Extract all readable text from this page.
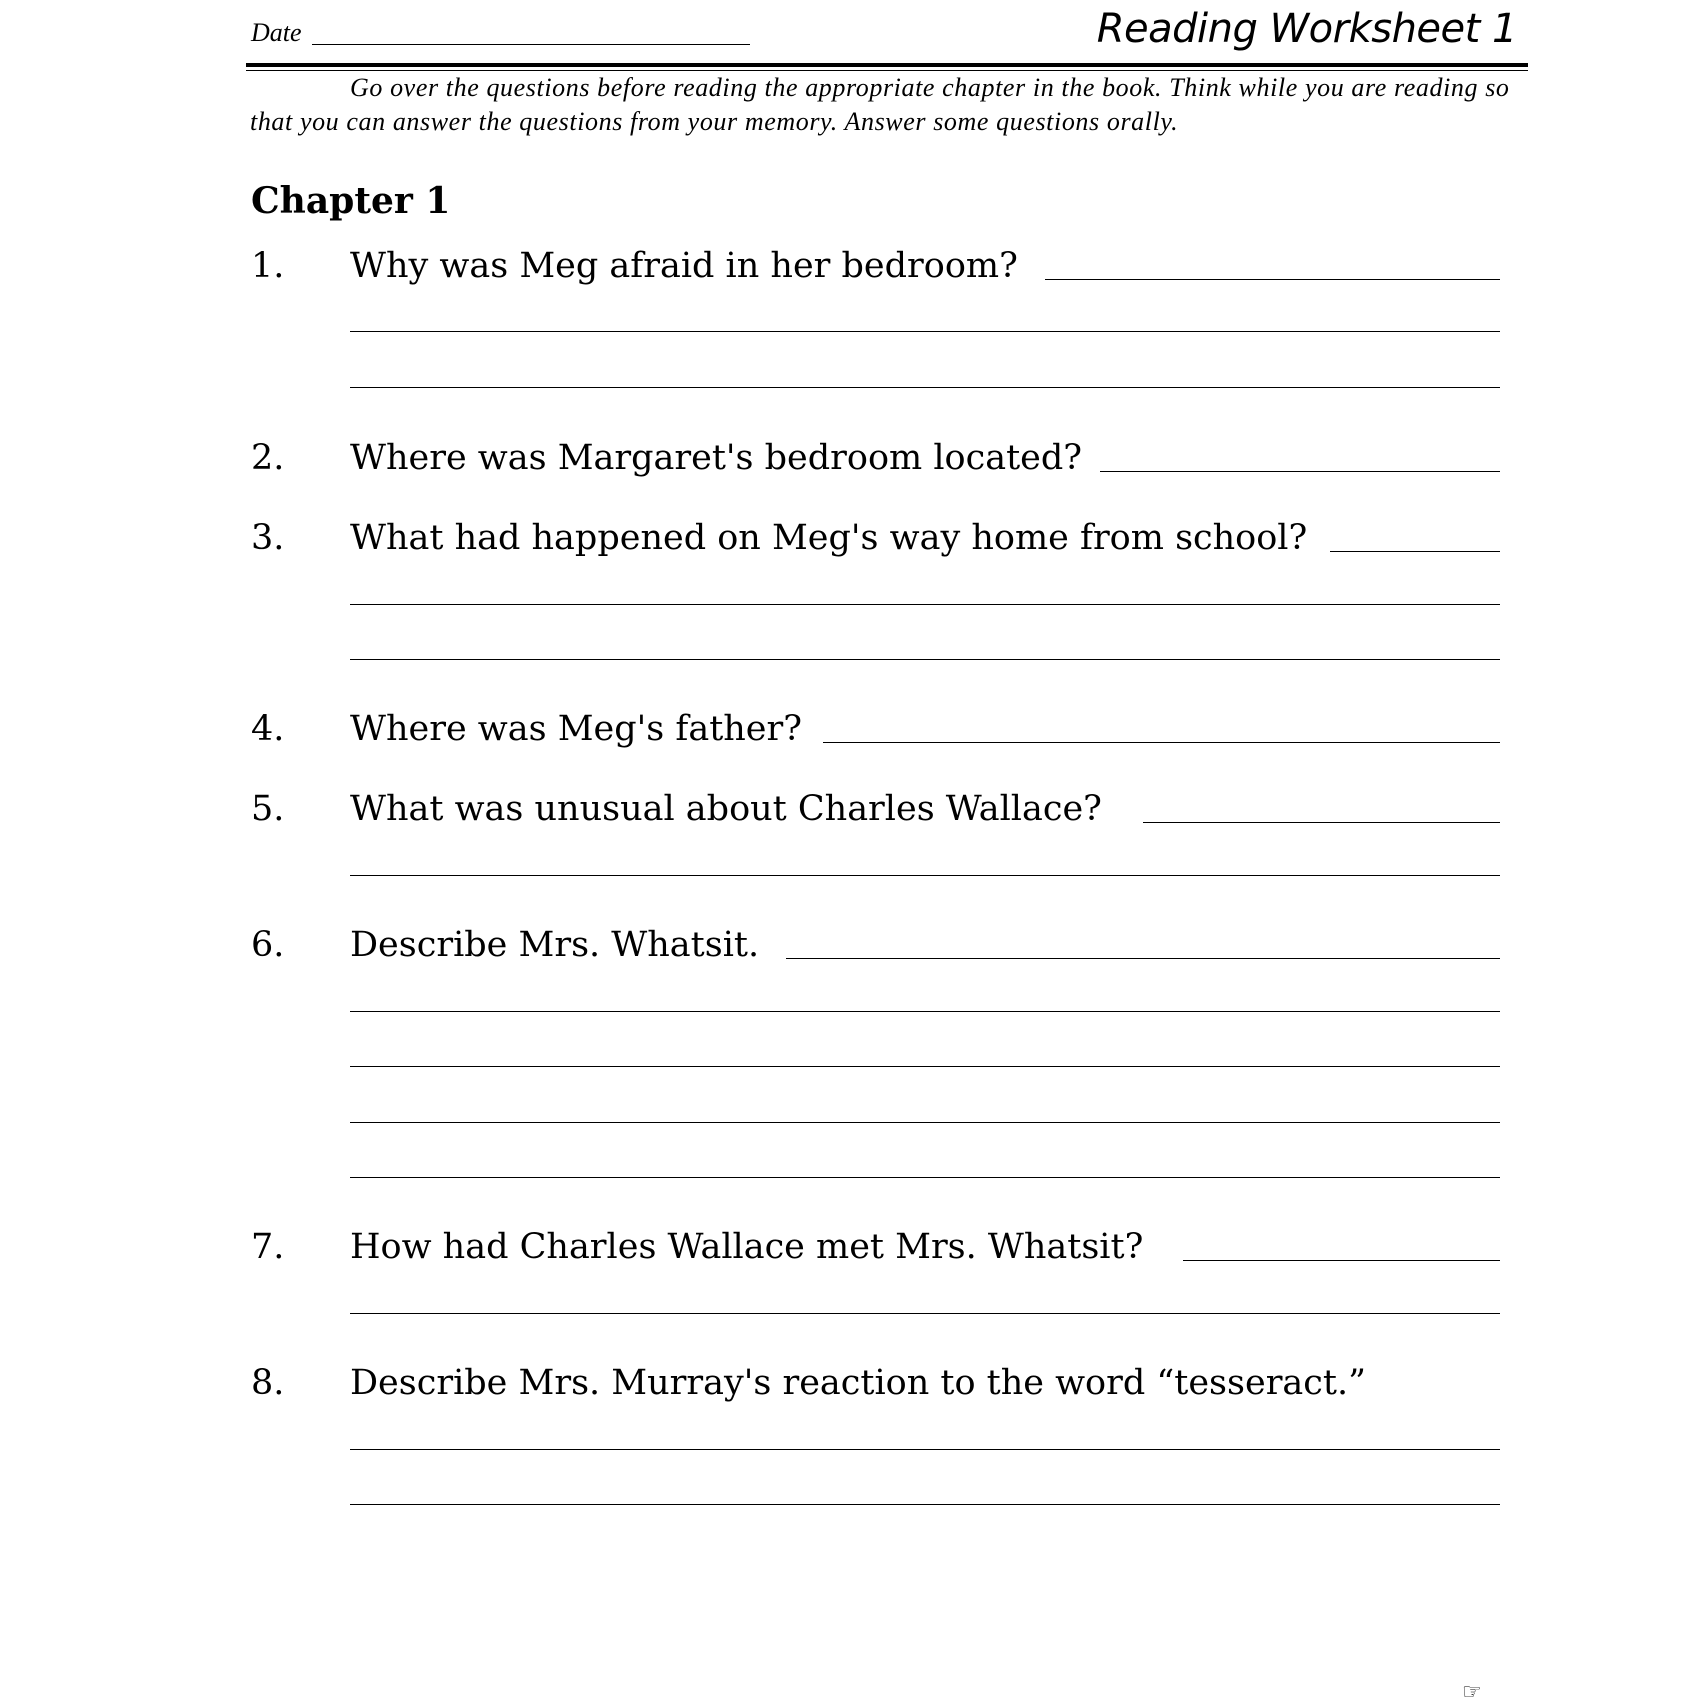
Date	Reading Worksheet 1
Go over the questions before reading the appropriate chapter in the book. Think while you are reading so that you can answer the questions from your memory. Answer some questions orally.
Chapter 1
1. Why was Meg afraid in her bedroom?
2. Where was Margaret's bedroom located?
3. What had happened on Meg's way home from school?
4. Where was Meg's father?
5. What was unusual about Charles Wallace?
6. Describe Mrs. Whatsit.
7. How had Charles Wallace met Mrs. Whatsit?
8. Describe Mrs. Murray's reaction to the word “tesseract.”
☞
